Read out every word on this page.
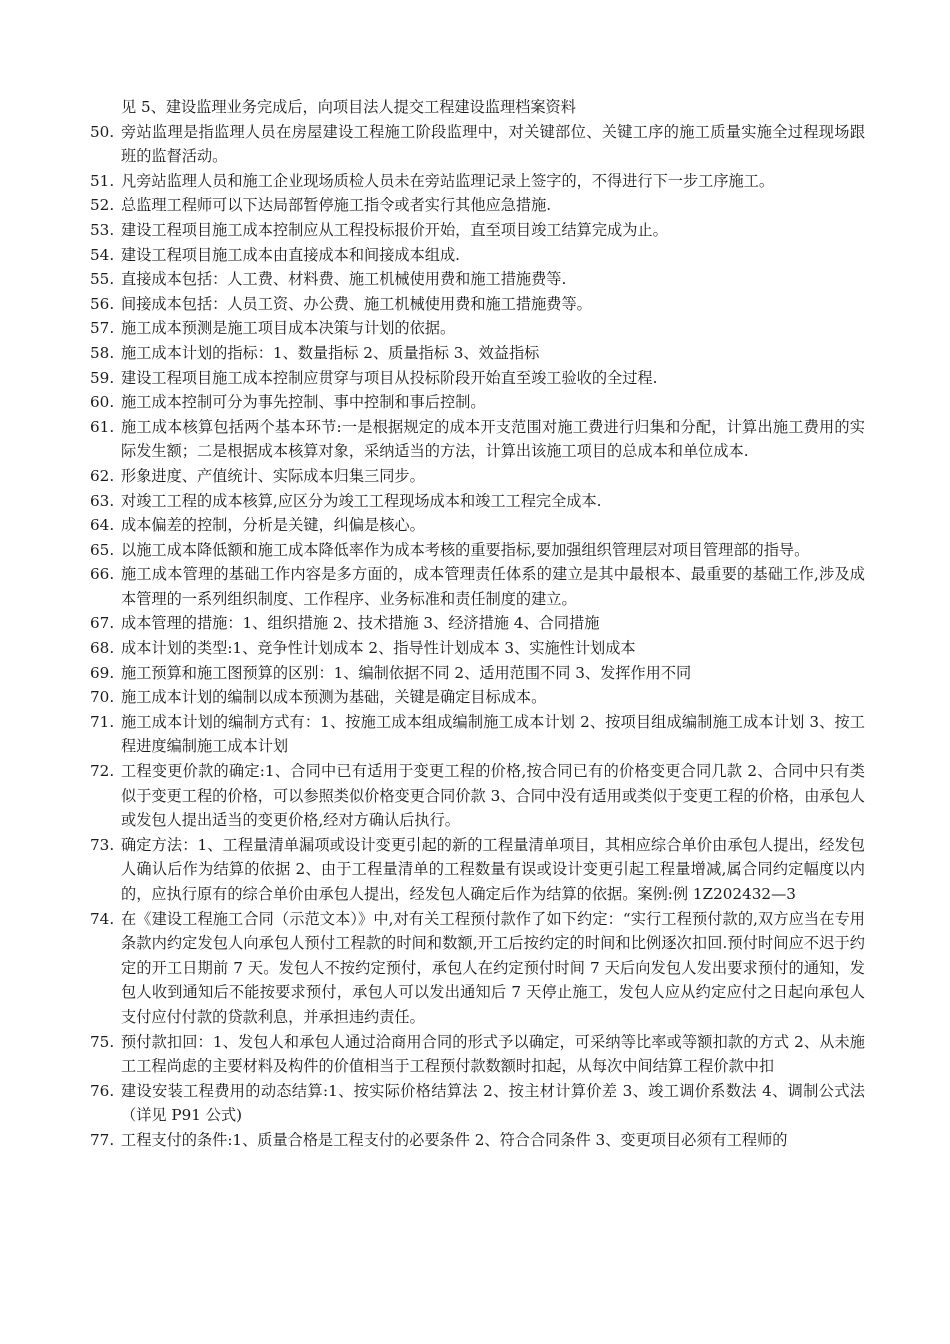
见 5、建设监理业务完成后，向项目法人提交工程建设监理档案资料

50. 旁站监理是指监理人员在房屋建设工程施工阶段监理中，对关键部位、关键工序的施工质量实施全过程现场跟班的监督活动。

51. 凡旁站监理人员和施工企业现场质检人员未在旁站监理记录上签字的，不得进行下一步工序施工。

52. 总监理工程师可以下达局部暂停施工指令或者实行其他应急措施.

53. 建设工程项目施工成本控制应从工程投标报价开始，直至项目竣工结算完成为止。

54. 建设工程项目施工成本由直接成本和间接成本组成.

55. 直接成本包括：人工费、材料费、施工机械使用费和施工措施费等.

56. 间接成本包括：人员工资、办公费、施工机械使用费和施工措施费等。

57. 施工成本预测是施工项目成本决策与计划的依据。

58. 施工成本计划的指标：1、数量指标 2、质量指标 3、效益指标

59. 建设工程项目施工成本控制应贯穿与项目从投标阶段开始直至竣工验收的全过程.

60. 施工成本控制可分为事先控制、事中控制和事后控制。

61. 施工成本核算包括两个基本环节:一是根据规定的成本开支范围对施工费进行归集和分配，计算出施工费用的实际发生额；二是根据成本核算对象，采纳适当的方法，计算出该施工项目的总成本和单位成本.

62. 形象进度、产值统计、实际成本归集三同步。

63. 对竣工工程的成本核算,应区分为竣工工程现场成本和竣工工程完全成本.

64. 成本偏差的控制，分析是关键，纠偏是核心。

65. 以施工成本降低额和施工成本降低率作为成本考核的重要指标,要加强组织管理层对项目管理部的指导。

66. 施工成本管理的基础工作内容是多方面的，成本管理责任体系的建立是其中最根本、最重要的基础工作,涉及成本管理的一系列组织制度、工作程序、业务标准和责任制度的建立。

67. 成本管理的措施：1、组织措施 2、技术措施 3、经济措施 4、合同措施

68. 成本计划的类型:1、竞争性计划成本 2、指导性计划成本 3、实施性计划成本

69. 施工预算和施工图预算的区别：1、编制依据不同 2、适用范围不同 3、发挥作用不同

70. 施工成本计划的编制以成本预测为基础，关键是确定目标成本。

71. 施工成本计划的编制方式有：1、按施工成本组成编制施工成本计划 2、按项目组成编制施工成本计划 3、按工程进度编制施工成本计划

72. 工程变更价款的确定:1、合同中已有适用于变更工程的价格,按合同已有的价格变更合同几款 2、合同中只有类似于变更工程的价格，可以参照类似价格变更合同价款 3、合同中没有适用或类似于变更工程的价格，由承包人或发包人提出适当的变更价格,经对方确认后执行。

73. 确定方法：1、工程量清单漏项或设计变更引起的新的工程量清单项目，其相应综合单价由承包人提出，经发包人确认后作为结算的依据 2、由于工程量清单的工程数量有误或设计变更引起工程量增减,属合同约定幅度以内的，应执行原有的综合单价由承包人提出，经发包人确定后作为结算的依据。案例:例 1Z202432—3

74. 在《建设工程施工合同（示范文本）》中,对有关工程预付款作了如下约定：“实行工程预付款的,双方应当在专用条款内约定发包人向承包人预付工程款的时间和数额,开工后按约定的时间和比例逐次扣回.预付时间应不迟于约定的开工日期前 7 天。发包人不按约定预付，承包人在约定预付时间 7 天后向发包人发出要求预付的通知，发包人收到通知后不能按要求预付，承包人可以发出通知后 7 天停止施工，发包人应从约定应付之日起向承包人支付应付付款的贷款利息，并承担违约责任。

75. 预付款扣回：1、发包人和承包人通过洽商用合同的形式予以确定，可采纳等比率或等额扣款的方式 2、从未施工工程尚虑的主要材料及构件的价值相当于工程预付款数额时扣起，从每次中间结算工程价款中扣

76. 建设安装工程费用的动态结算:1、按实际价格结算法 2、按主材计算价差 3、竣工调价系数法 4、调制公式法（详见 P91 公式)

77. 工程支付的条件:1、质量合格是工程支付的必要条件 2、符合合同条件 3、变更项目必须有工程师的
